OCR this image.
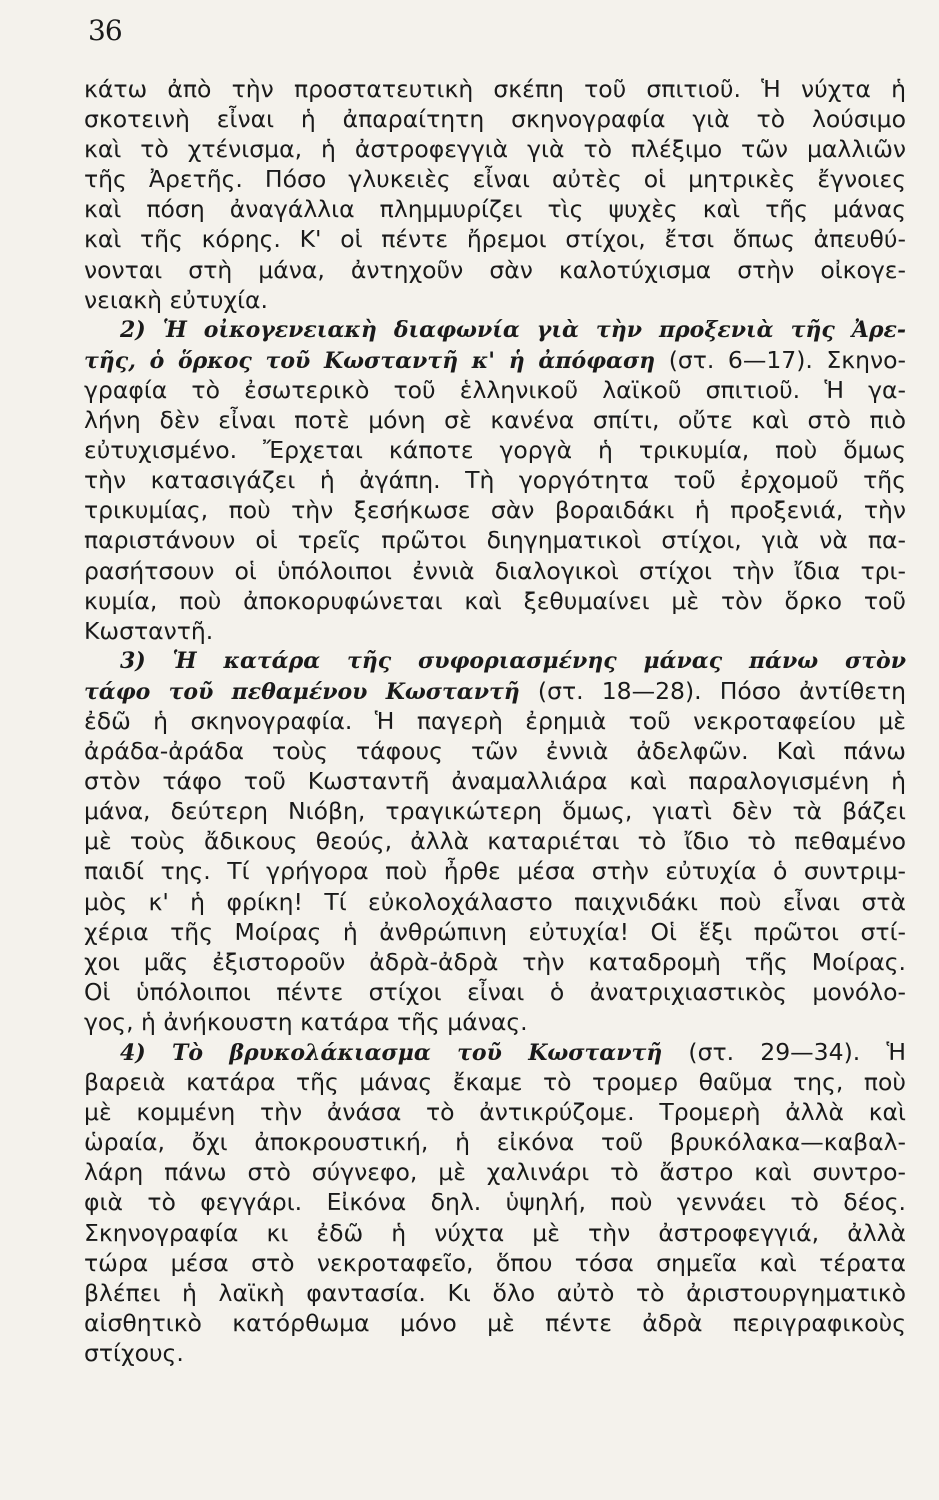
36
κάτω ἀπὸ τὴν προστατευτικὴ σκέπη τοῦ σπιτιοῦ. Ἡ νύχτα ἡ
σκοτεινὴ εἶναι ἡ ἀπαραίτητη σκηνογραφία γιὰ τὸ λούσιμο
καὶ τὸ χτένισμα, ἡ ἀστροφεγγιὰ γιὰ τὸ πλέξιμο τῶν μαλλιῶν
τῆς Ἀρετῆς. Πόσο γλυκειὲς εἶναι αὐτὲς οἱ μητρικὲς ἔγνοιες
καὶ πόση ἀναγάλλια πλημμυρίζει τὶς ψυχὲς καὶ τῆς μάνας
καὶ τῆς κόρης. Κ' οἱ πέντε ἤρεμοι στίχοι, ἔτσι ὅπως ἀπευθύ-
νονται στὴ μάνα, ἀντηχοῦν σὰν καλοτύχισμα στὴν οἰκογε-
νειακὴ εὐτυχία.
2) Ἡ οἰκογενειακὴ διαφωνία γιὰ τὴν προξενιὰ τῆς Ἀρε-
τῆς, ὁ ὅρκος τοῦ Κωσταντῆ κ' ἡ ἀπόφαση (στ. 6—17). Σκηνο-
γραφία τὸ ἐσωτερικὸ τοῦ ἑλληνικοῦ λαϊκοῦ σπιτιοῦ. Ἡ γα-
λήνη δὲν εἶναι ποτὲ μόνη σὲ κανένα σπίτι, οὔτε καὶ στὸ πιὸ
εὐτυχισμένο. Ἔρχεται κάποτε γοργὰ ἡ τρικυμία, ποὺ ὅμως
τὴν κατασιγάζει ἡ ἀγάπη. Τὴ γοργότητα τοῦ ἐρχομοῦ τῆς
τρικυμίας, ποὺ τὴν ξεσήκωσε σὰν βοραιδάκι ἡ προξενιά, τὴν
παριστάνουν οἱ τρεῖς πρῶτοι διηγηματικοὶ στίχοι, γιὰ νὰ πα-
ρασήτσουν οἱ ὑπόλοιποι ἐννιὰ διαλογικοὶ στίχοι τὴν ἴδια τρι-
κυμία, ποὺ ἀποκορυφώνεται καὶ ξεθυμαίνει μὲ τὸν ὅρκο τοῦ
Κωσταντῆ.
3) Ἡ κατάρα τῆς συφοριασμένης μάνας πάνω στὸν
τάφο τοῦ πεθαμένου Κωσταντῆ (στ. 18—28). Πόσο ἀντίθετη
ἐδῶ ἡ σκηνογραφία. Ἡ παγερὴ ἐρημιὰ τοῦ νεκροταφείου μὲ
ἀράδα-ἀράδα τοὺς τάφους τῶν ἐννιὰ ἀδελφῶν. Καὶ πάνω
στὸν τάφο τοῦ Κωσταντῆ ἀναμαλλιάρα καὶ παραλογισμένη ἡ
μάνα, δεύτερη Νιόβη, τραγικώτερη ὅμως, γιατὶ δὲν τὰ βάζει
μὲ τοὺς ἄδικους θεούς, ἀλλὰ καταριέται τὸ ἴδιο τὸ πεθαμένο
παιδί της. Τί γρήγορα ποὺ ἦρθε μέσα στὴν εὐτυχία ὁ συντριμ-
μὸς κ' ἡ φρίκη! Τί εὐκολοχάλαστο παιχνιδάκι ποὺ εἶναι στὰ
χέρια τῆς Μοίρας ἡ ἀνθρώπινη εὐτυχία! Οἱ ἕξι πρῶτοι στί-
χοι μᾶς ἐξιστοροῦν ἀδρὰ-ἀδρὰ τὴν καταδρομὴ τῆς Μοίρας.
Οἱ ὑπόλοιποι πέντε στίχοι εἶναι ὁ ἀνατριχιαστικὸς μονόλο-
γος, ἡ ἀνήκουστη κατάρα τῆς μάνας.
4) Τὸ βρυκολάκιασμα τοῦ Κωσταντῆ (στ. 29—34). Ἡ
βαρειὰ κατάρα τῆς μάνας ἔκαμε τὸ τρομερ θαῦμα της, ποὺ
μὲ κομμένη τὴν ἀνάσα τὸ ἀντικρύζομε. Τρομερὴ ἀλλὰ καὶ
ὡραία, ὄχι ἀποκρουστική, ἡ εἰκόνα τοῦ βρυκόλακα—καβαλ-
λάρη πάνω στὸ σύγνεφο, μὲ χαλινάρι τὸ ἄστρο καὶ συντρο-
φιὰ τὸ φεγγάρι. Εἰκόνα δηλ. ὑψηλή, ποὺ γεννάει τὸ δέος.
Σκηνογραφία κι ἐδῶ ἡ νύχτα μὲ τὴν ἀστροφεγγιά, ἀλλὰ
τώρα μέσα στὸ νεκροταφεῖο, ὅπου τόσα σημεῖα καὶ τέρατα
βλέπει ἡ λαϊκὴ φαντασία. Κι ὅλο αὐτὸ τὸ ἀριστουργηματικὸ
αἰσθητικὸ κατόρθωμα μόνο μὲ πέντε ἀδρὰ περιγραφικοὺς
στίχους.
